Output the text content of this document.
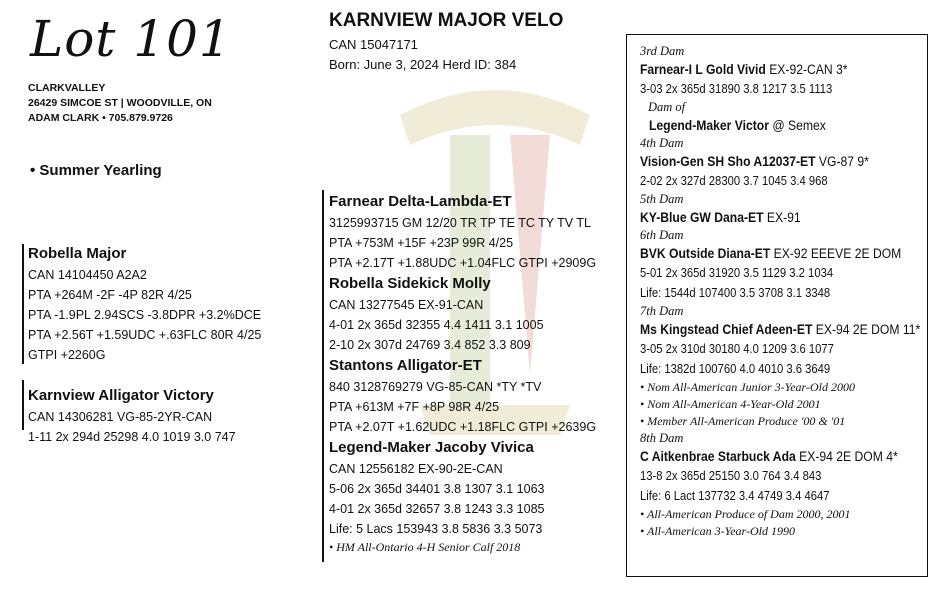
Lot 101
CLARKVALLEY
26429 SIMCOE ST | WOODVILLE, ON
ADAM CLARK • 705.879.9726
• Summer Yearling
Robella Major
CAN 14104450 A2A2
PTA +264M -2F -4P 82R 4/25
PTA -1.9PL 2.94SCS -3.8DPR +3.2%DCE
PTA +2.56T +1.59UDC +.63FLC 80R 4/25
GTPI +2260G
Karnview Alligator Victory
CAN 14306281 VG-85-2YR-CAN
1-11 2x 294d 25298 4.0 1019 3.0 747
KARNVIEW MAJOR VELO
CAN 15047171
Born: June 3, 2024 Herd ID: 384
Farnear Delta-Lambda-ET
3125993715 GM 12/20 TR TP TE TC TY TV TL
PTA +753M +15F +23P 99R 4/25
PTA +2.17T +1.88UDC +1.04FLC GTPI +2909G
Robella Sidekick Molly
CAN 13277545 EX-91-CAN
4-01 2x 365d 32355 4.4 1411 3.1 1005
2-10 2x 307d 24769 3.4 852 3.3 809
Stantons Alligator-ET
840 3128769279 VG-85-CAN *TY *TV
PTA +613M +7F +8P 98R 4/25
PTA +2.07T +1.62UDC +1.18FLC GTPI +2639G
Legend-Maker Jacoby Vivica
CAN 12556182 EX-90-2E-CAN
5-06 2x 365d 34401 3.8 1307 3.1 1063
4-01 2x 365d 32657 3.8 1243 3.3 1085
Life: 5 Lacs 153943 3.8 5836 3.3 5073
• HM All-Ontario 4-H Senior Calf 2018
3rd Dam
Farnear-I L Gold Vivid EX-92-CAN 3*
3-03 2x 365d 31890 3.8 1217 3.5 1113
Dam of
Legend-Maker Victor @ Semex
4th Dam
Vision-Gen SH Sho A12037-ET VG-87 9*
2-02 2x 327d 28300 3.7 1045 3.4 968
5th Dam
KY-Blue GW Dana-ET EX-91
6th Dam
BVK Outside Diana-ET EX-92 EEEVE 2E DOM
5-01 2x 365d 31920 3.5 1129 3.2 1034
Life: 1544d 107400 3.5 3708 3.1 3348
7th Dam
Ms Kingstead Chief Adeen-ET EX-94 2E DOM 11*
3-05 2x 310d 30180 4.0 1209 3.6 1077
Life: 1382d 100760 4.0 4010 3.6 3649
• Nom All-American Junior 3-Year-Old 2000
• Nom All-American 4-Year-Old 2001
• Member All-American Produce '00 & '01
8th Dam
C Aitkenbrae Starbuck Ada EX-94 2E DOM 4*
13-8 2x 365d 25150 3.0 764 3.4 843
Life: 6 Lact 137732 3.4 4749 3.4 4647
• All-American Produce of Dam 2000, 2001
• All-American 3-Year-Old 1990
